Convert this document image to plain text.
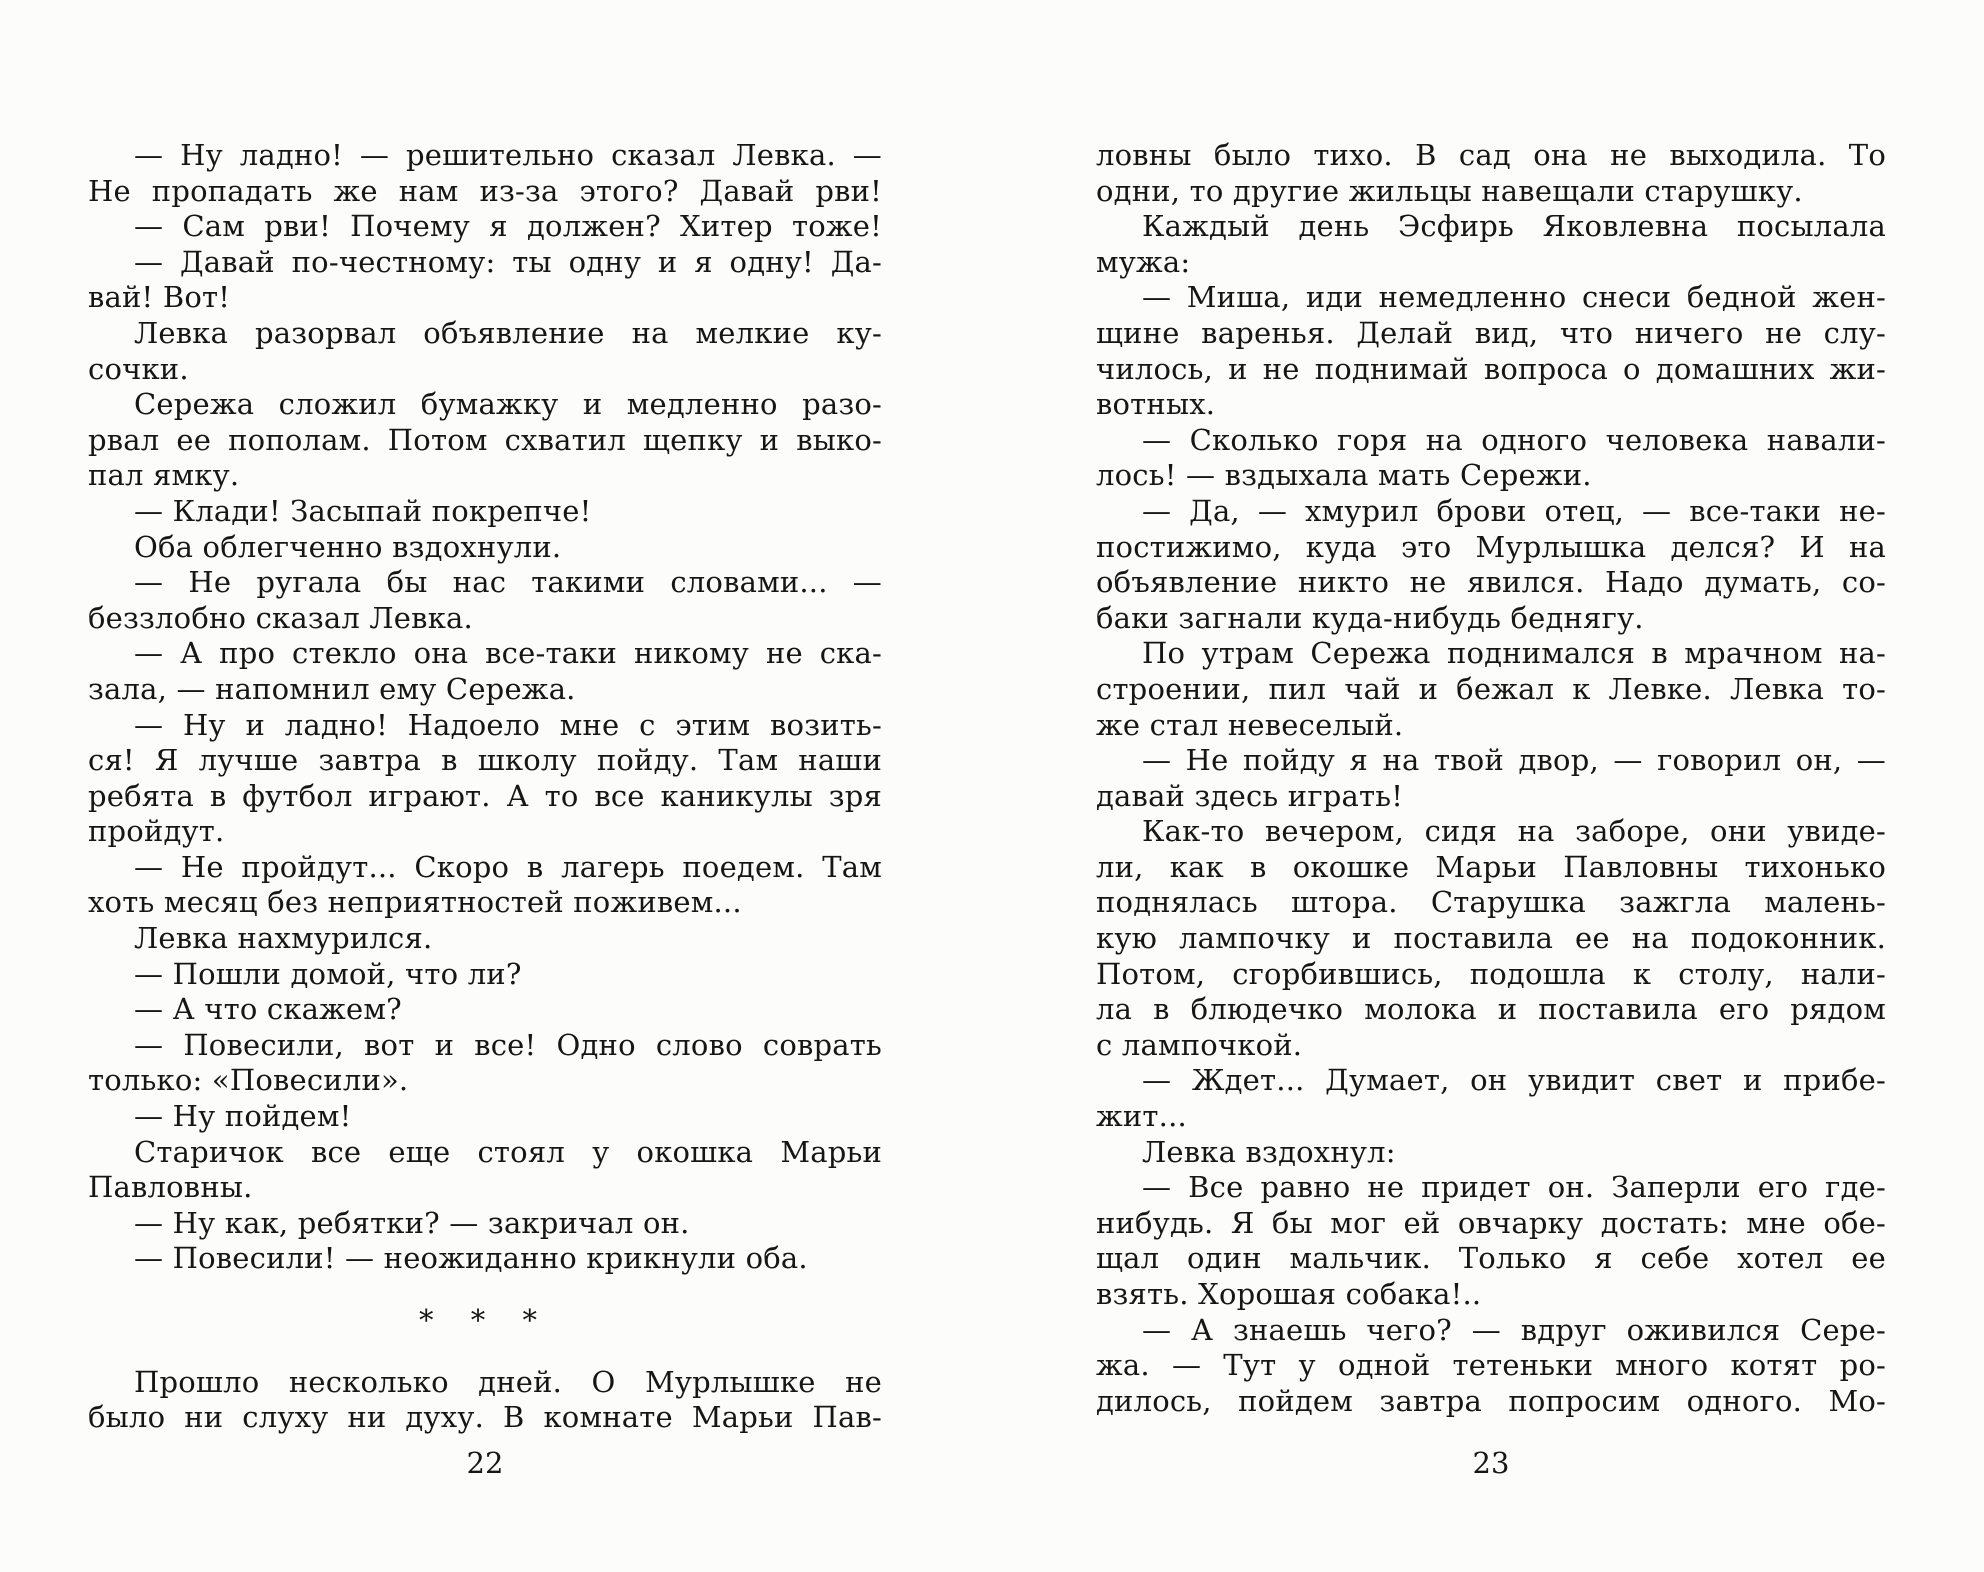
— Ну ладно! — решительно сказал Левка. —
Не пропадать же нам из-за этого? Давай рви!
— Сам рви! Почему я должен? Хитер тоже!
— Давай по-честному: ты одну и я одну! Да-
вай! Вот!
Левка разорвал объявление на мелкие ку-
сочки.
Сережа сложил бумажку и медленно разо-
рвал ее пополам. Потом схватил щепку и выко-
пал ямку.
— Клади! Засыпай покрепче!
Оба облегченно вздохнули.
— Не ругала бы нас такими словами... —
беззлобно сказал Левка.
— А про стекло она все-таки никому не ска-
зала, — напомнил ему Сережа.
— Ну и ладно! Надоело мне с этим возить-
ся! Я лучше завтра в школу пойду. Там наши
ребята в футбол играют. А то все каникулы зря
пройдут.
— Не пройдут... Скоро в лагерь поедем. Там
хоть месяц без неприятностей поживем...
Левка нахмурился.
— Пошли домой, что ли?
— А что скажем?
— Повесили, вот и все! Одно слово соврать
только: «Повесили».
— Ну пойдем!
Старичок все еще стоял у окошка Марьи
Павловны.
— Ну как, ребятки? — закричал он.
— Повесили! — неожиданно крикнули оба.
* * *
Прошло несколько дней. О Мурлышке не
было ни слуху ни духу. В комнате Марьи Пав-
22
ловны было тихо. В сад она не выходила. То
одни, то другие жильцы навещали старушку.
Каждый день Эсфирь Яковлевна посылала
мужа:
— Миша, иди немедленно снеси бедной жен-
щине варенья. Делай вид, что ничего не слу-
чилось, и не поднимай вопроса о домашних жи-
вотных.
— Сколько горя на одного человека навали-
лось! — вздыхала мать Сережи.
— Да, — хмурил брови отец, — все-таки не-
постижимо, куда это Мурлышка делся? И на
объявление никто не явился. Надо думать, со-
баки загнали куда-нибудь беднягу.
По утрам Сережа поднимался в мрачном на-
строении, пил чай и бежал к Левке. Левка то-
же стал невеселый.
— Не пойду я на твой двор, — говорил он, —
давай здесь играть!
Как-то вечером, сидя на заборе, они увиде-
ли, как в окошке Марьи Павловны тихонько
поднялась штора. Старушка зажгла малень-
кую лампочку и поставила ее на подоконник.
Потом, сгорбившись, подошла к столу, нали-
ла в блюдечко молока и поставила его рядом
с лампочкой.
— Ждет... Думает, он увидит свет и прибе-
жит...
Левка вздохнул:
— Все равно не придет он. Заперли его где-
нибудь. Я бы мог ей овчарку достать: мне обе-
щал один мальчик. Только я себе хотел ее
взять. Хорошая собака!..
— А знаешь чего? — вдруг оживился Сере-
жа. — Тут у одной тетеньки много котят ро-
дилось, пойдем завтра попросим одного. Мо-
23
